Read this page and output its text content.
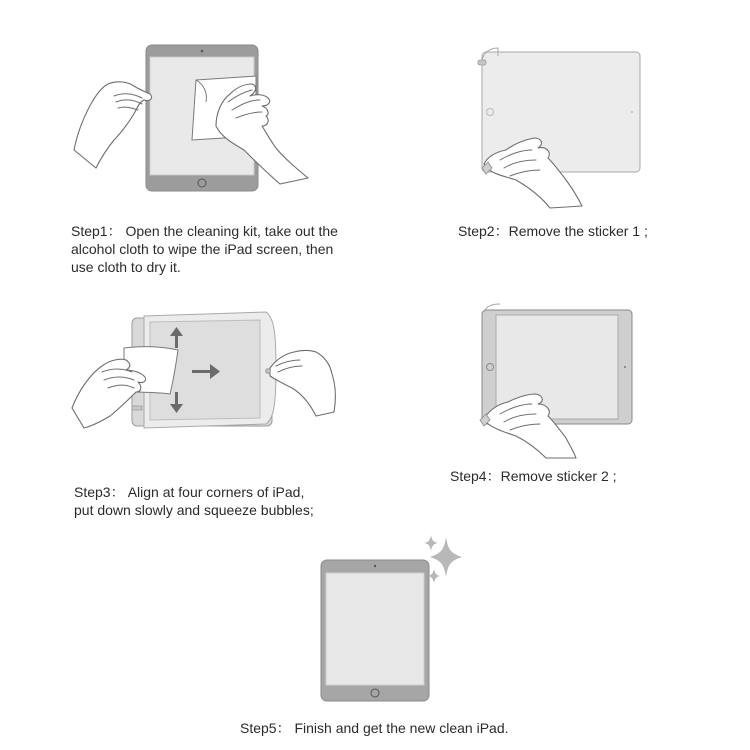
Step1： Open the cleaning kit, take out the
alcohol cloth to wipe the iPad screen, then
use cloth to dry it.
Step2：Remove the sticker 1 ;
Step3： Align at four corners of iPad,
put down slowly and squeeze bubbles;
Step4：Remove sticker 2 ;
Step5： Finish and get the new clean iPad.
